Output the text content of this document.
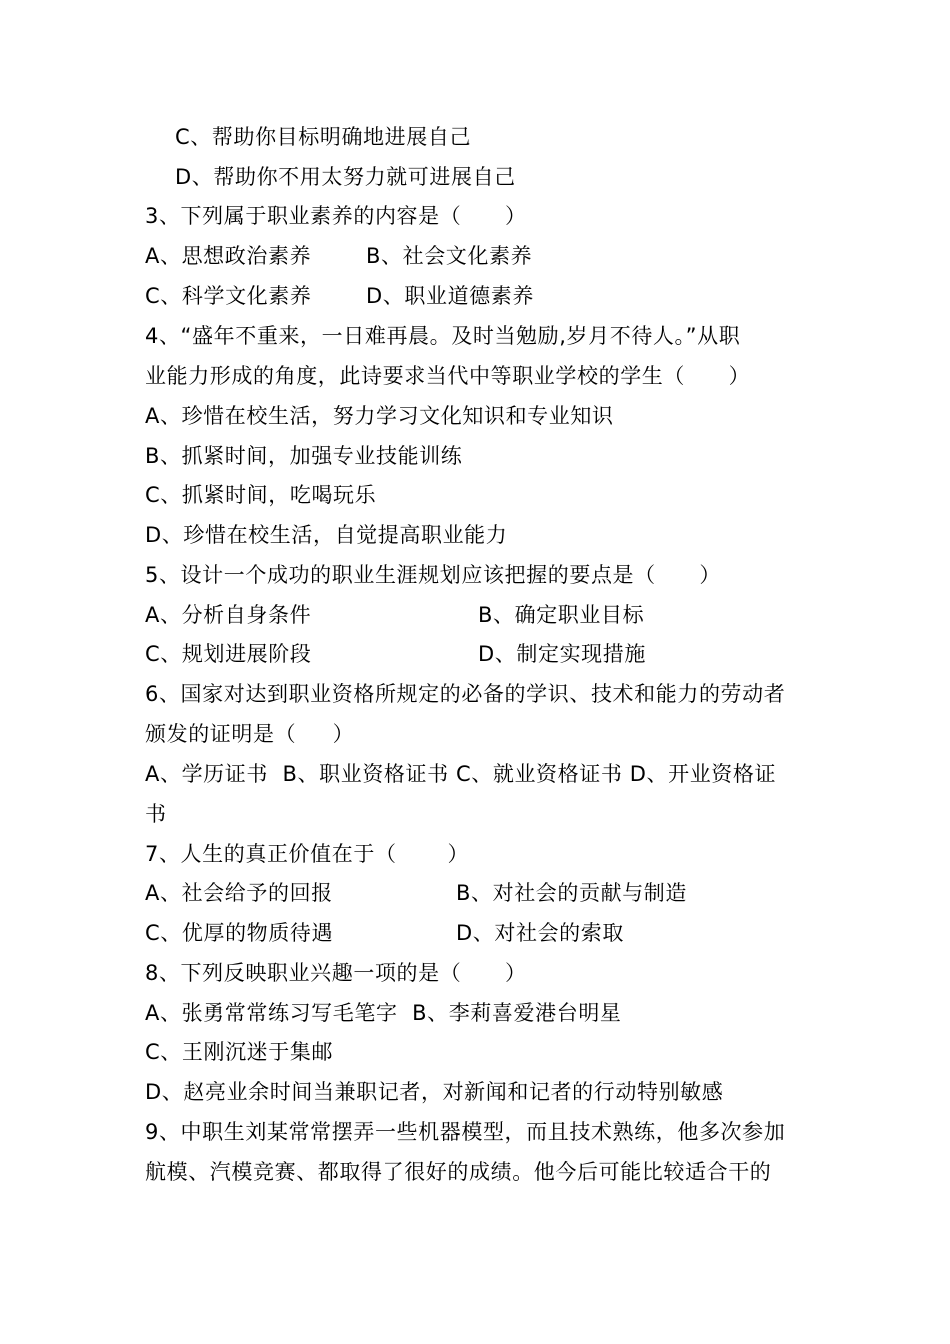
C、帮助你目标明确地进展自己
D、帮助你不用太努力就可进展自己
3、下列属于职业素养的内容是（      ）
A、思想政治素养	B、社会文化素养
C、科学文化素养	D、职业道德素养
4、“盛年不重来，一日难再晨。及时当勉励,岁月不待人。”从职
业能力形成的角度，此诗要求当代中等职业学校的学生（      ）
A、珍惜在校生活，努力学习文化知识和专业知识
B、抓紧时间，加强专业技能训练
C、抓紧时间，吃喝玩乐
D、珍惜在校生活，自觉提高职业能力
5、设计一个成功的职业生涯规划应该把握的要点是（      ）
A、分析自身条件	B、确定职业目标
C、规划进展阶段	D、制定实现措施
6、国家对达到职业资格所规定的必备的学识、技术和能力的劳动者
颁发的证明是（     ）
A、学历证书  B、职业资格证书 C、就业资格证书 D、开业资格证
书
7、人生的真正价值在于（       ）
A、社会给予的回报	B、对社会的贡献与制造
C、优厚的物质待遇	D、对社会的索取
8、下列反映职业兴趣一项的是（      ）
A、张勇常常练习写毛笔字  B、李莉喜爱港台明星
C、王刚沉迷于集邮
D、赵亮业余时间当兼职记者，对新闻和记者的行动特别敏感
9、中职生刘某常常摆弄一些机器模型，而且技术熟练，他多次参加
航模、汽模竞赛、都取得了很好的成绩。他今后可能比较适合干的
